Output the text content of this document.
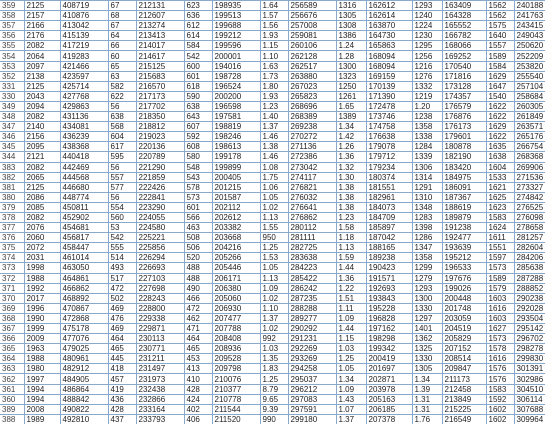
359	2125	408719	67	212131	623	198935	1.64	256589	1316	162612	1293	163409	1562	240188
358	2157	410876	68	212607	636	199513	1.57	256676	1305	162614	1240	164328	1562	241763
357	2166	413042	67	213274	612	199688	1.56	257008	1308	163870	1224	165552	1575	243415
356	2176	415139	64	213413	614	199212	1.93	259081	1386	164730	1230	166782	1640	249043
355	2082	417219	66	214017	584	199596	1.15	260106	1.24	165863	1295	168066	1557	250620
354	2064	419283	60	214617	542	200001	1.10	262128	1.28	168094	1256	169252	1589	252209
353	2097	421466	65	215125	600	194016	1.63	262517	1300	168094	1216	170540	1584	253820
352	2138	423597	63	215683	601	198728	1.73	263880	1323	169159	1276	171816	1629	255540
331	2125	425714	582	216570	618	196524	1.80	267023	1250	170139	1332	173128	1647	257104
330	2043	427768	622	217173	590	200200	1.93	265823	1261	171390	1219	174357	1540	258684
349	2094	429863	56	217702	638	196598	1.23	268696	1.65	172478	1.20	176579	1622	260305
348	2082	431136	638	218350	643	197581	1.40	268389	1389	173746	1238	176876	1622	261849
347	2140	434081	568	218812	607	198819	1.37	269238	1.34	174758	1358	176173	1629	263571
346	2156	436239	604	219023	592	198246	1.46	270272	1.42	176638	1338	179601	1622	265176
345	2095	438368	617	220136	608	198613	1.38	271136	1.26	179078	1284	180878	1635	266754
344	2121	440418	595	220789	580	199178	1.46	272386	1.36	179712	1339	182190	1638	268368
383	2082	442469	56	221290	548	199899	1.08	273042	1.32	179234	1306	183420	1604	269906
382	2065	444568	557	221859	543	200405	1.75	274117	1.30	180374	1314	184975	1533	271536
381	2125	446680	577	222426	578	201215	1.06	276821	1.38	181551	1291	186091	1621	273327
380	2086	448774	56	222841	573	201587	1.05	276032	1.38	182961	1310	187367	1625	274842
379	2085	450811	554	223290	601	202112	1.02	276641	1.38	184073	1348	188619	1623	276525
378	2082	452902	560	224055	566	202612	1.13	276862	1.23	184709	1283	189879	1583	276098
377	2076	454681	53	224580	463	203382	1.55	280112	1.58	185897	1398	191238	1624	278658
376	2060	456817	542	225221	508	203668	950	281111	1.18	187042	1286	192477	1611	281257
375	2072	458447	555	225856	506	204216	1.25	282725	1.13	188165	1347	193639	1551	282604
374	2031	461014	514	226294	520	205266	1.53	283638	1.59	189238	1358	195212	1597	284206
373	1998	463050	493	226693	488	205446	1.05	284223	1.44	190423	1299	196533	1573	285638
372	1988	464861	517	227103	488	206171	1.13	285422	1.36	191571	1279	197676	1589	287288
371	1992	466862	472	227698	490	206380	1.09	286242	1.22	192693	1293	199026	1579	288852
370	2017	468892	502	228243	466	205060	1.02	287235	1.51	193843	1300	200448	1603	290238
369	1996	470867	469	228800	472	206930	1.10	288288	1.11	195228	1330	201748	1616	292028
368	1990	472868	476	229338	462	207477	1.37	289277	1.09	196828	1297	203059	1603	293504
367	1999	475178	469	229871	471	207788	1.02	290292	1.44	197162	1401	204519	1627	295142
366	2009	477076	464	230113	464	208408	992	291231	1.15	198298	1362	205829	1573	296702
365	1963	479025	465	230771	465	208936	1.03	292269	1.03	199342	1325	207152	1578	298278
364	1988	480961	445	231211	453	209528	1.35	293269	1.25	200419	1330	208514	1616	299830
363	1980	482912	418	231497	413	209798	1.83	294258	1.05	201697	1305	209847	1576	301391
362	1997	484905	457	231973	410	210076	1.25	295037	1.34	202871	1.34	211173	1576	302986
361	1994	486864	419	232438	428	210377	8.79	296212	1.09	203978	1.39	212458	1583	304510
360	1994	488842	436	232866	424	210778	9.65	297083	1.43	205163	1.31	213849	1592	306114
389	2008	490822	428	233164	402	211544	9.39	297591	1.07	206185	1.31	215225	1602	307688
388	1989	492810	437	233793	406	211520	990	299180	1.37	207378	1.76	216549	1602	309964
